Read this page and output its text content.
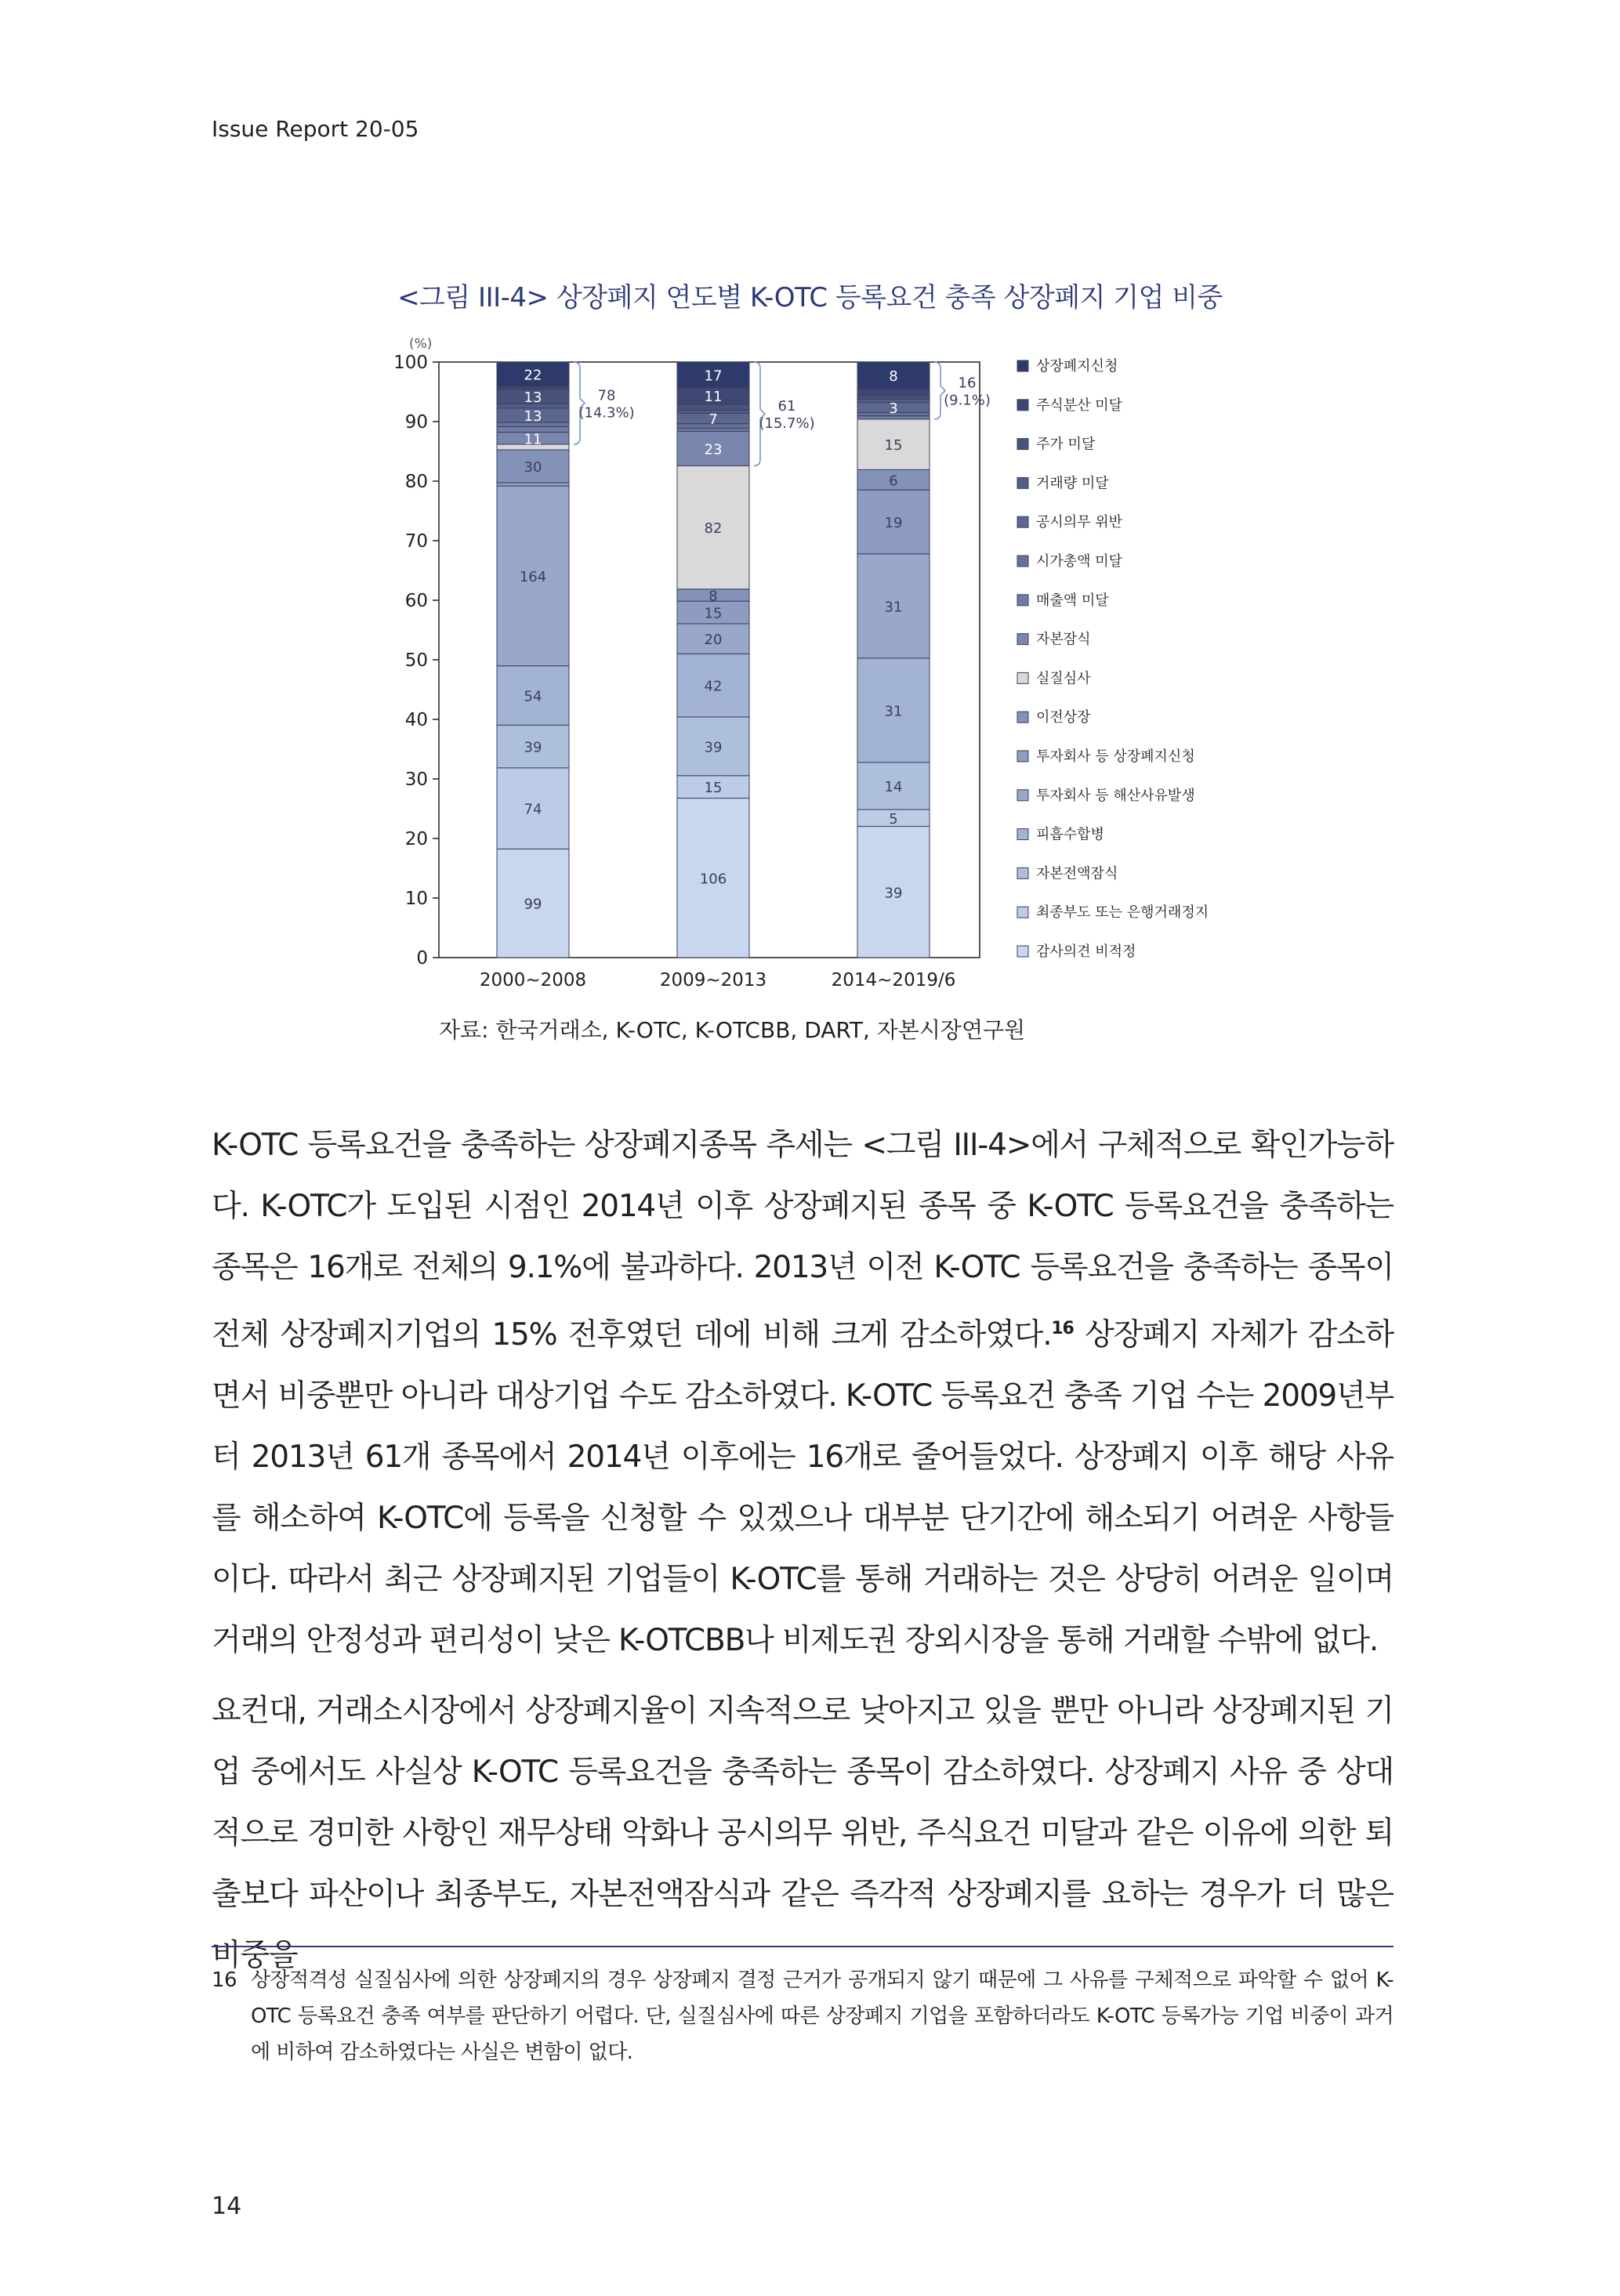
Issue Report 20-05
<그림 III-4> 상장폐지 연도별 K-OTC 등록요건 충족 상장폐지 기업 비중
(%)
0
10
20
30
40
50
60
70
80
90
100
99
74
39
54
164
30
11
13
13
22
2000~2008
78
(14.3%)
106
15
39
42
20
15
8
82
23
7
11
17
2009~2013
61
(15.7%)
39
5
14
31
31
19
6
15
3
8
2014~2019/6
16
(9.1%)
상장폐지신청
주식분산 미달
주가 미달
거래량 미달
공시의무 위반
시가총액 미달
매출액 미달
자본잠식
실질심사
이전상장
투자회사 등 상장폐지신청
투자회사 등 해산사유발생
피흡수합병
자본전액잠식
최종부도 또는 은행거래정지
감사의견 비적정
자료: 한국거래소, K-OTC, K-OTCBB, DART, 자본시장연구원

K-OTC 등록요건을 충족하는 상장폐지종목 추세는 <그림 III-4>에서 구체적으로 확인가능하다. K-OTC가 도입된 시점인 2014년 이후 상장폐지된 종목 중 K-OTC 등록요건을 충족하는 종목은 16개로 전체의 9.1%에 불과하다. 2013년 이전 K-OTC 등록요건을 충족하는 종목이 전체 상장폐지기업의 15% 전후였던 데에 비해 크게 감소하였다.$^{16}$ 상장폐지 자체가 감소하면서 비중뿐만 아니라 대상기업 수도 감소하였다. K-OTC 등록요건 충족 기업 수는 2009년부터 2013년 61개 종목에서 2014년 이후에는 16개로 줄어들었다. 상장폐지 이후 해당 사유를 해소하여 K-OTC에 등록을 신청할 수 있겠으나 대부분 단기간에 해소되기 어려운 사항들이다. 따라서 최근 상장폐지된 기업들이 K-OTC를 통해 거래하는 것은 상당히 어려운 일이며 거래의 안정성과 편리성이 낮은 K-OTCBB나 비제도권 장외시장을 통해 거래할 수밖에 없다.

요컨대, 거래소시장에서 상장폐지율이 지속적으로 낮아지고 있을 뿐만 아니라 상장폐지된 기업 중에서도 사실상 K-OTC 등록요건을 충족하는 종목이 감소하였다. 상장폐지 사유 중 상대적으로 경미한 사항인 재무상태 악화나 공시의무 위반, 주식요건 미달과 같은 이유에 의한 퇴출보다 파산이나 최종부도, 자본전액잠식과 같은 즉각적 상장폐지를 요하는 경우가 더 많은 비중을

16 상장적격성 실질심사에 의한 상장폐지의 경우 상장폐지 결정 근거가 공개되지 않기 때문에 그 사유를 구체적으로 파악할 수 없어 K-OTC 등록요건 충족 여부를 판단하기 어렵다. 단, 실질심사에 따른 상장폐지 기업을 포함하더라도 K-OTC 등록가능 기업 비중이 과거에 비하여 감소하였다는 사실은 변함이 없다.
14
